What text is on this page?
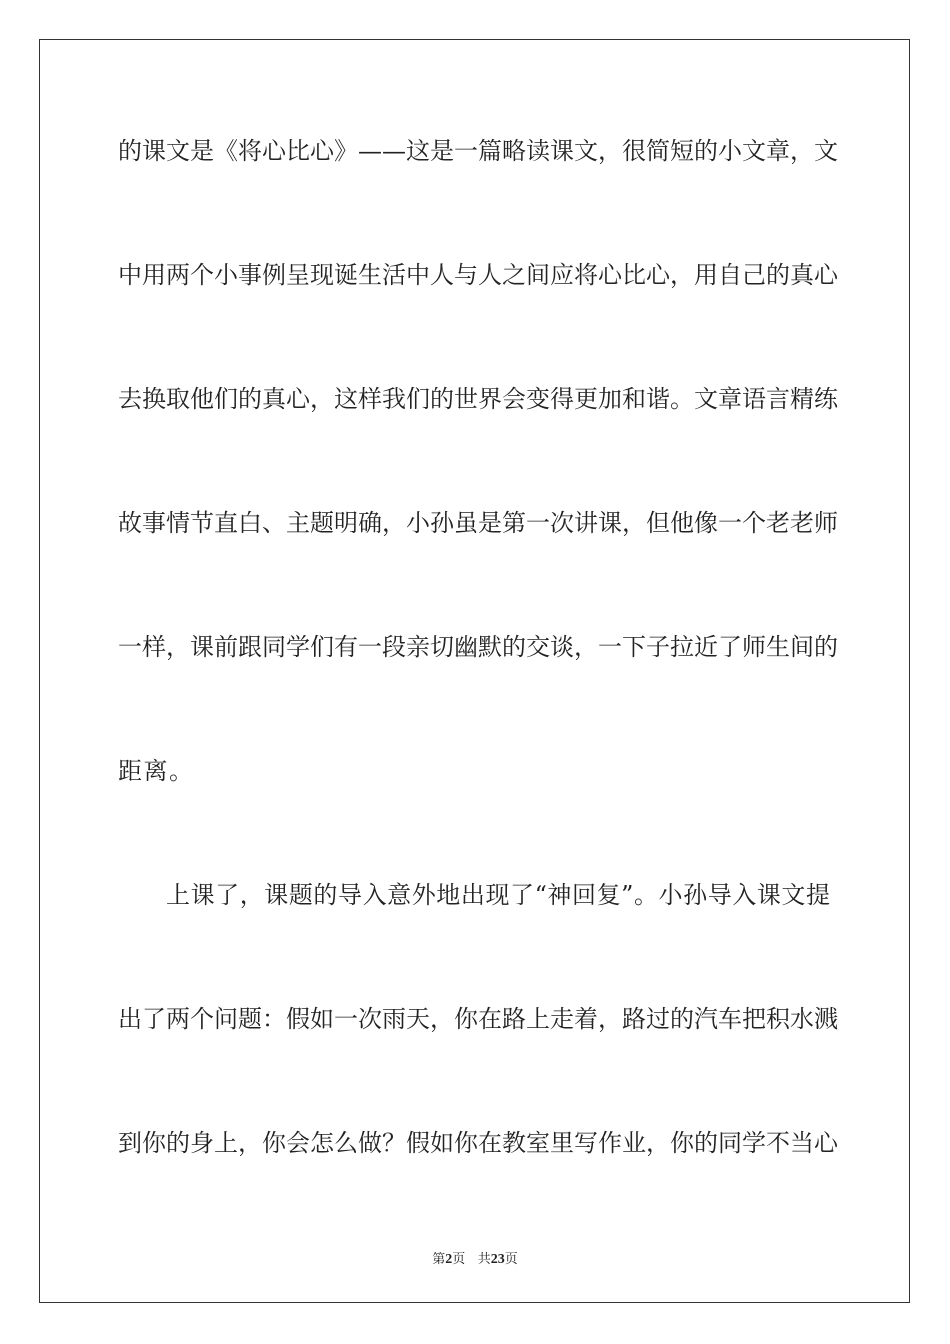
的课文是《将心比心》——这是一篇略读课文，很简短的小文章，文
中用两个小事例呈现诞生活中人与人之间应将心比心，用自己的真心
去换取他们的真心，这样我们的世界会变得更加和谐。文章语言精练
故事情节直白、主题明确，小孙虽是第一次讲课，但他像一个老老师
一样，课前跟同学们有一段亲切幽默的交谈，一下子拉近了师生间的
距离。
上课了，课题的导入意外地出现了“神回复”。小孙导入课文提
出了两个问题：假如一次雨天，你在路上走着，路过的汽车把积水溅
到你的身上，你会怎么做？假如你在教室里写作业，你的同学不当心
第2页 共23页
